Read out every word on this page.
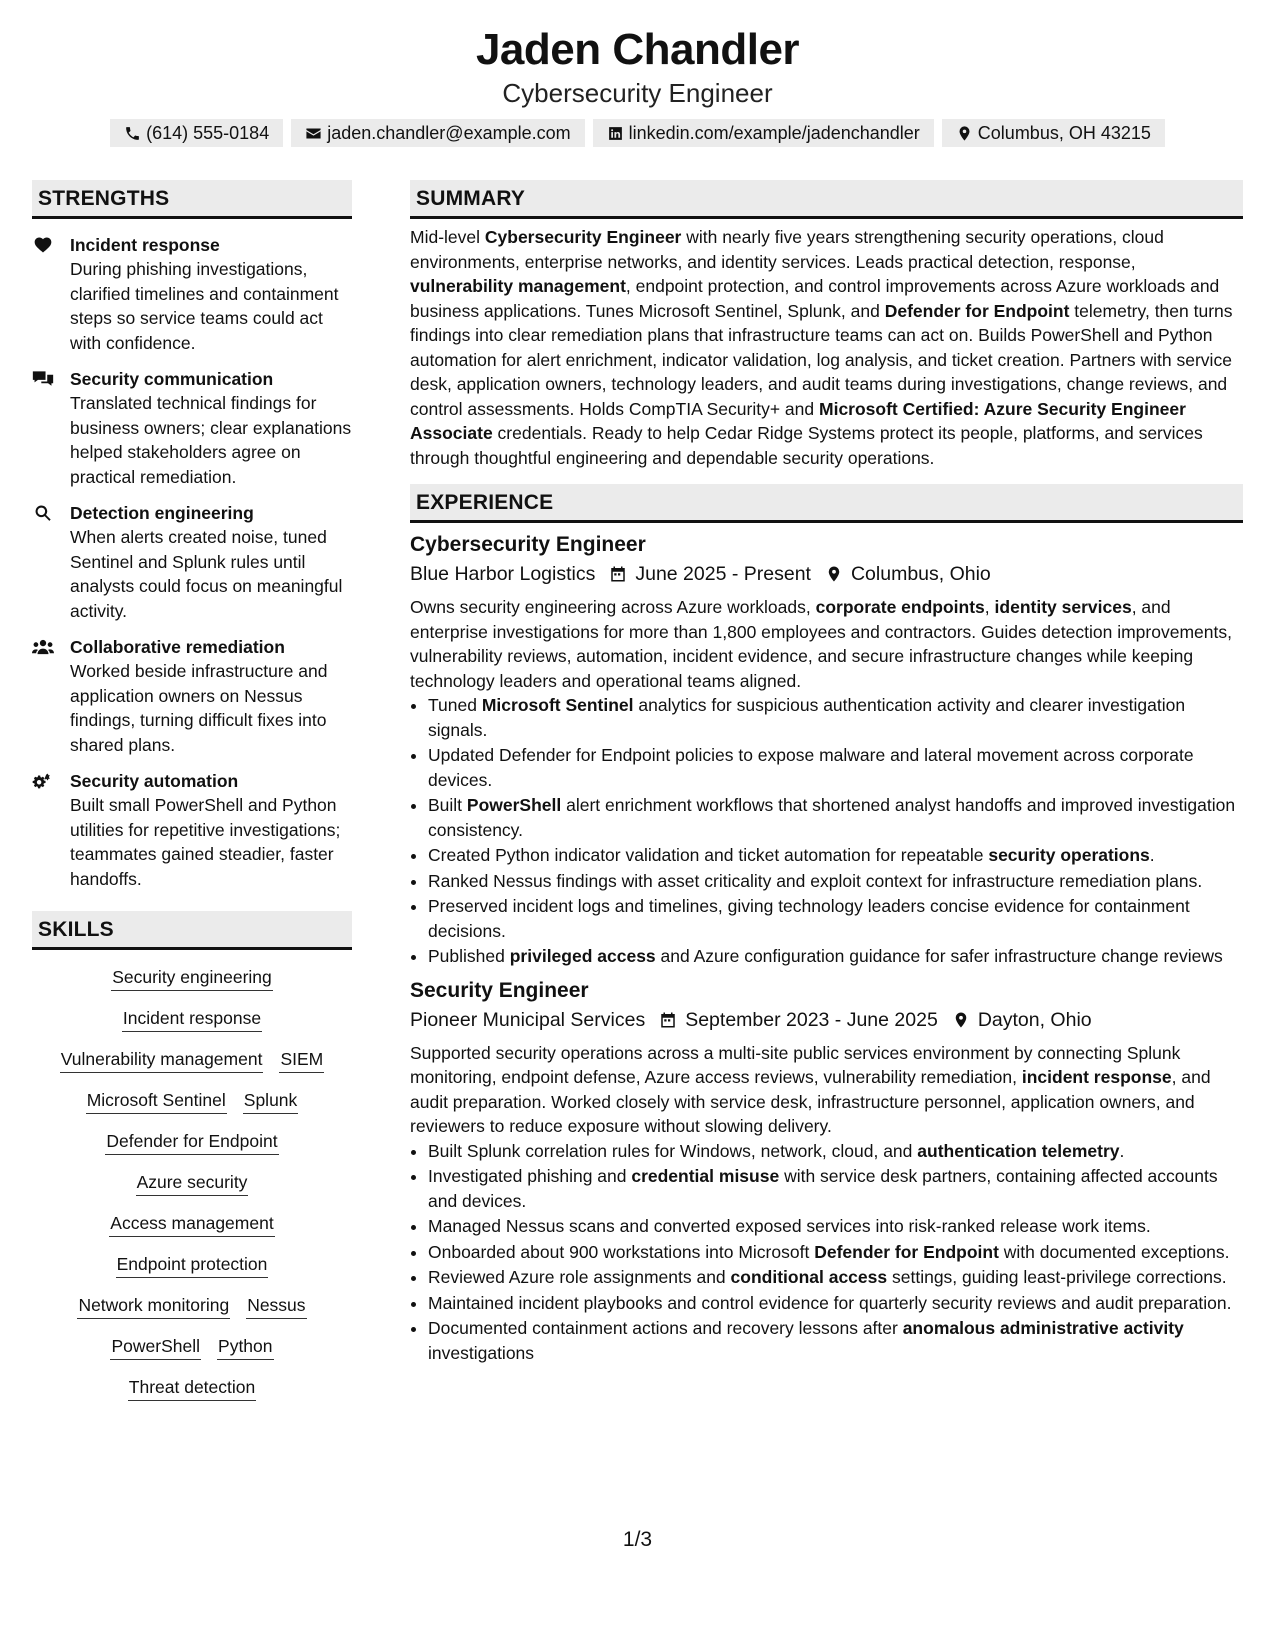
Jaden Chandler
Cybersecurity Engineer
(614) 555-0184	jaden.chandler@example.com	linkedin.com/example/jadenchandler	Columbus, OH 43215
STRENGTHS
Incident response
During phishing investigations, clarified timelines and containment steps so service teams could act with confidence.
Security communication
Translated technical findings for business owners; clear explanations helped stakeholders agree on practical remediation.
Detection engineering
When alerts created noise, tuned Sentinel and Splunk rules until analysts could focus on meaningful activity.
Collaborative remediation
Worked beside infrastructure and application owners on Nessus findings, turning difficult fixes into shared plans.
Security automation
Built small PowerShell and Python utilities for repetitive investigations; teammates gained steadier, faster handoffs.
SKILLS
Security engineering
Incident response
Vulnerability management SIEM
Microsoft Sentinel Splunk
Defender for Endpoint
Azure security
Access management
Endpoint protection
Network monitoring Nessus
PowerShell Python
Threat detection
SUMMARY
Mid-level Cybersecurity Engineer with nearly five years strengthening security operations, cloud environments, enterprise networks, and identity services. Leads practical detection, response, vulnerability management, endpoint protection, and control improvements across Azure workloads and business applications. Tunes Microsoft Sentinel, Splunk, and Defender for Endpoint telemetry, then turns findings into clear remediation plans that infrastructure teams can act on. Builds PowerShell and Python automation for alert enrichment, indicator validation, log analysis, and ticket creation. Partners with service desk, application owners, technology leaders, and audit teams during investigations, change reviews, and control assessments. Holds CompTIA Security+ and Microsoft Certified: Azure Security Engineer Associate credentials. Ready to help Cedar Ridge Systems protect its people, platforms, and services through thoughtful engineering and dependable security operations.
EXPERIENCE
Cybersecurity Engineer
Blue Harbor Logistics June 2025 - Present Columbus, Ohio
Owns security engineering across Azure workloads, corporate endpoints, identity services, and enterprise investigations for more than 1,800 employees and contractors. Guides detection improvements, vulnerability reviews, automation, incident evidence, and secure infrastructure changes while keeping technology leaders and operational teams aligned.
• Tuned Microsoft Sentinel analytics for suspicious authentication activity and clearer investigation signals.
• Updated Defender for Endpoint policies to expose malware and lateral movement across corporate devices.
• Built PowerShell alert enrichment workflows that shortened analyst handoffs and improved investigation consistency.
• Created Python indicator validation and ticket automation for repeatable security operations.
• Ranked Nessus findings with asset criticality and exploit context for infrastructure remediation plans.
• Preserved incident logs and timelines, giving technology leaders concise evidence for containment decisions.
• Published privileged access and Azure configuration guidance for safer infrastructure change reviews
Security Engineer
Pioneer Municipal Services September 2023 - June 2025 Dayton, Ohio
Supported security operations across a multi-site public services environment by connecting Splunk monitoring, endpoint defense, Azure access reviews, vulnerability remediation, incident response, and audit preparation. Worked closely with service desk, infrastructure personnel, application owners, and reviewers to reduce exposure without slowing delivery.
• Built Splunk correlation rules for Windows, network, cloud, and authentication telemetry.
• Investigated phishing and credential misuse with service desk partners, containing affected accounts and devices.
• Managed Nessus scans and converted exposed services into risk-ranked release work items.
• Onboarded about 900 workstations into Microsoft Defender for Endpoint with documented exceptions.
• Reviewed Azure role assignments and conditional access settings, guiding least-privilege corrections.
• Maintained incident playbooks and control evidence for quarterly security reviews and audit preparation.
• Documented containment actions and recovery lessons after anomalous administrative activity investigations
1/3
